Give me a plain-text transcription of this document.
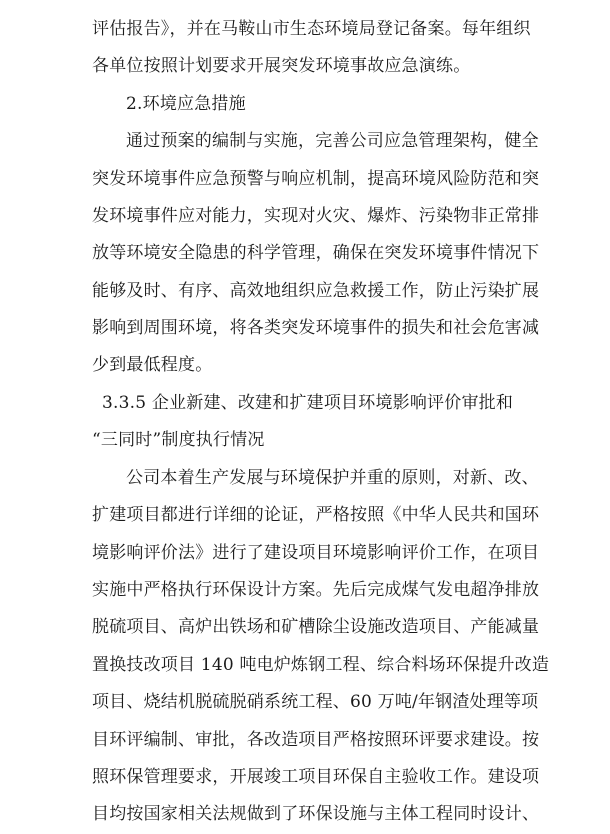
评估报告》，并在马鞍山市生态环境局登记备案。每年组织
各单位按照计划要求开展突发环境事故应急演练。
2.环境应急措施
通过预案的编制与实施，完善公司应急管理架构，健全
突发环境事件应急预警与响应机制，提高环境风险防范和突
发环境事件应对能力，实现对火灾、爆炸、污染物非正常排
放等环境安全隐患的科学管理，确保在突发环境事件情况下
能够及时、有序、高效地组织应急救援工作，防止污染扩展
影响到周围环境，将各类突发环境事件的损失和社会危害减
少到最低程度。
3.3.5 企业新建、改建和扩建项目环境影响评价审批和
“三同时”制度执行情况
公司本着生产发展与环境保护并重的原则，对新、改、
扩建项目都进行详细的论证，严格按照《中华人民共和国环
境影响评价法》进行了建设项目环境影响评价工作，在项目
实施中严格执行环保设计方案。先后完成煤气发电超净排放
脱硫项目、高炉出铁场和矿槽除尘设施改造项目、产能减量
置换技改项目 140 吨电炉炼钢工程、综合料场环保提升改造
项目、烧结机脱硫脱硝系统工程、60 万吨/年钢渣处理等项
目环评编制、审批，各改造项目严格按照环评要求建设。按
照环保管理要求，开展竣工项目环保自主验收工作。建设项
目均按国家相关法规做到了环保设施与主体工程同时设计、
